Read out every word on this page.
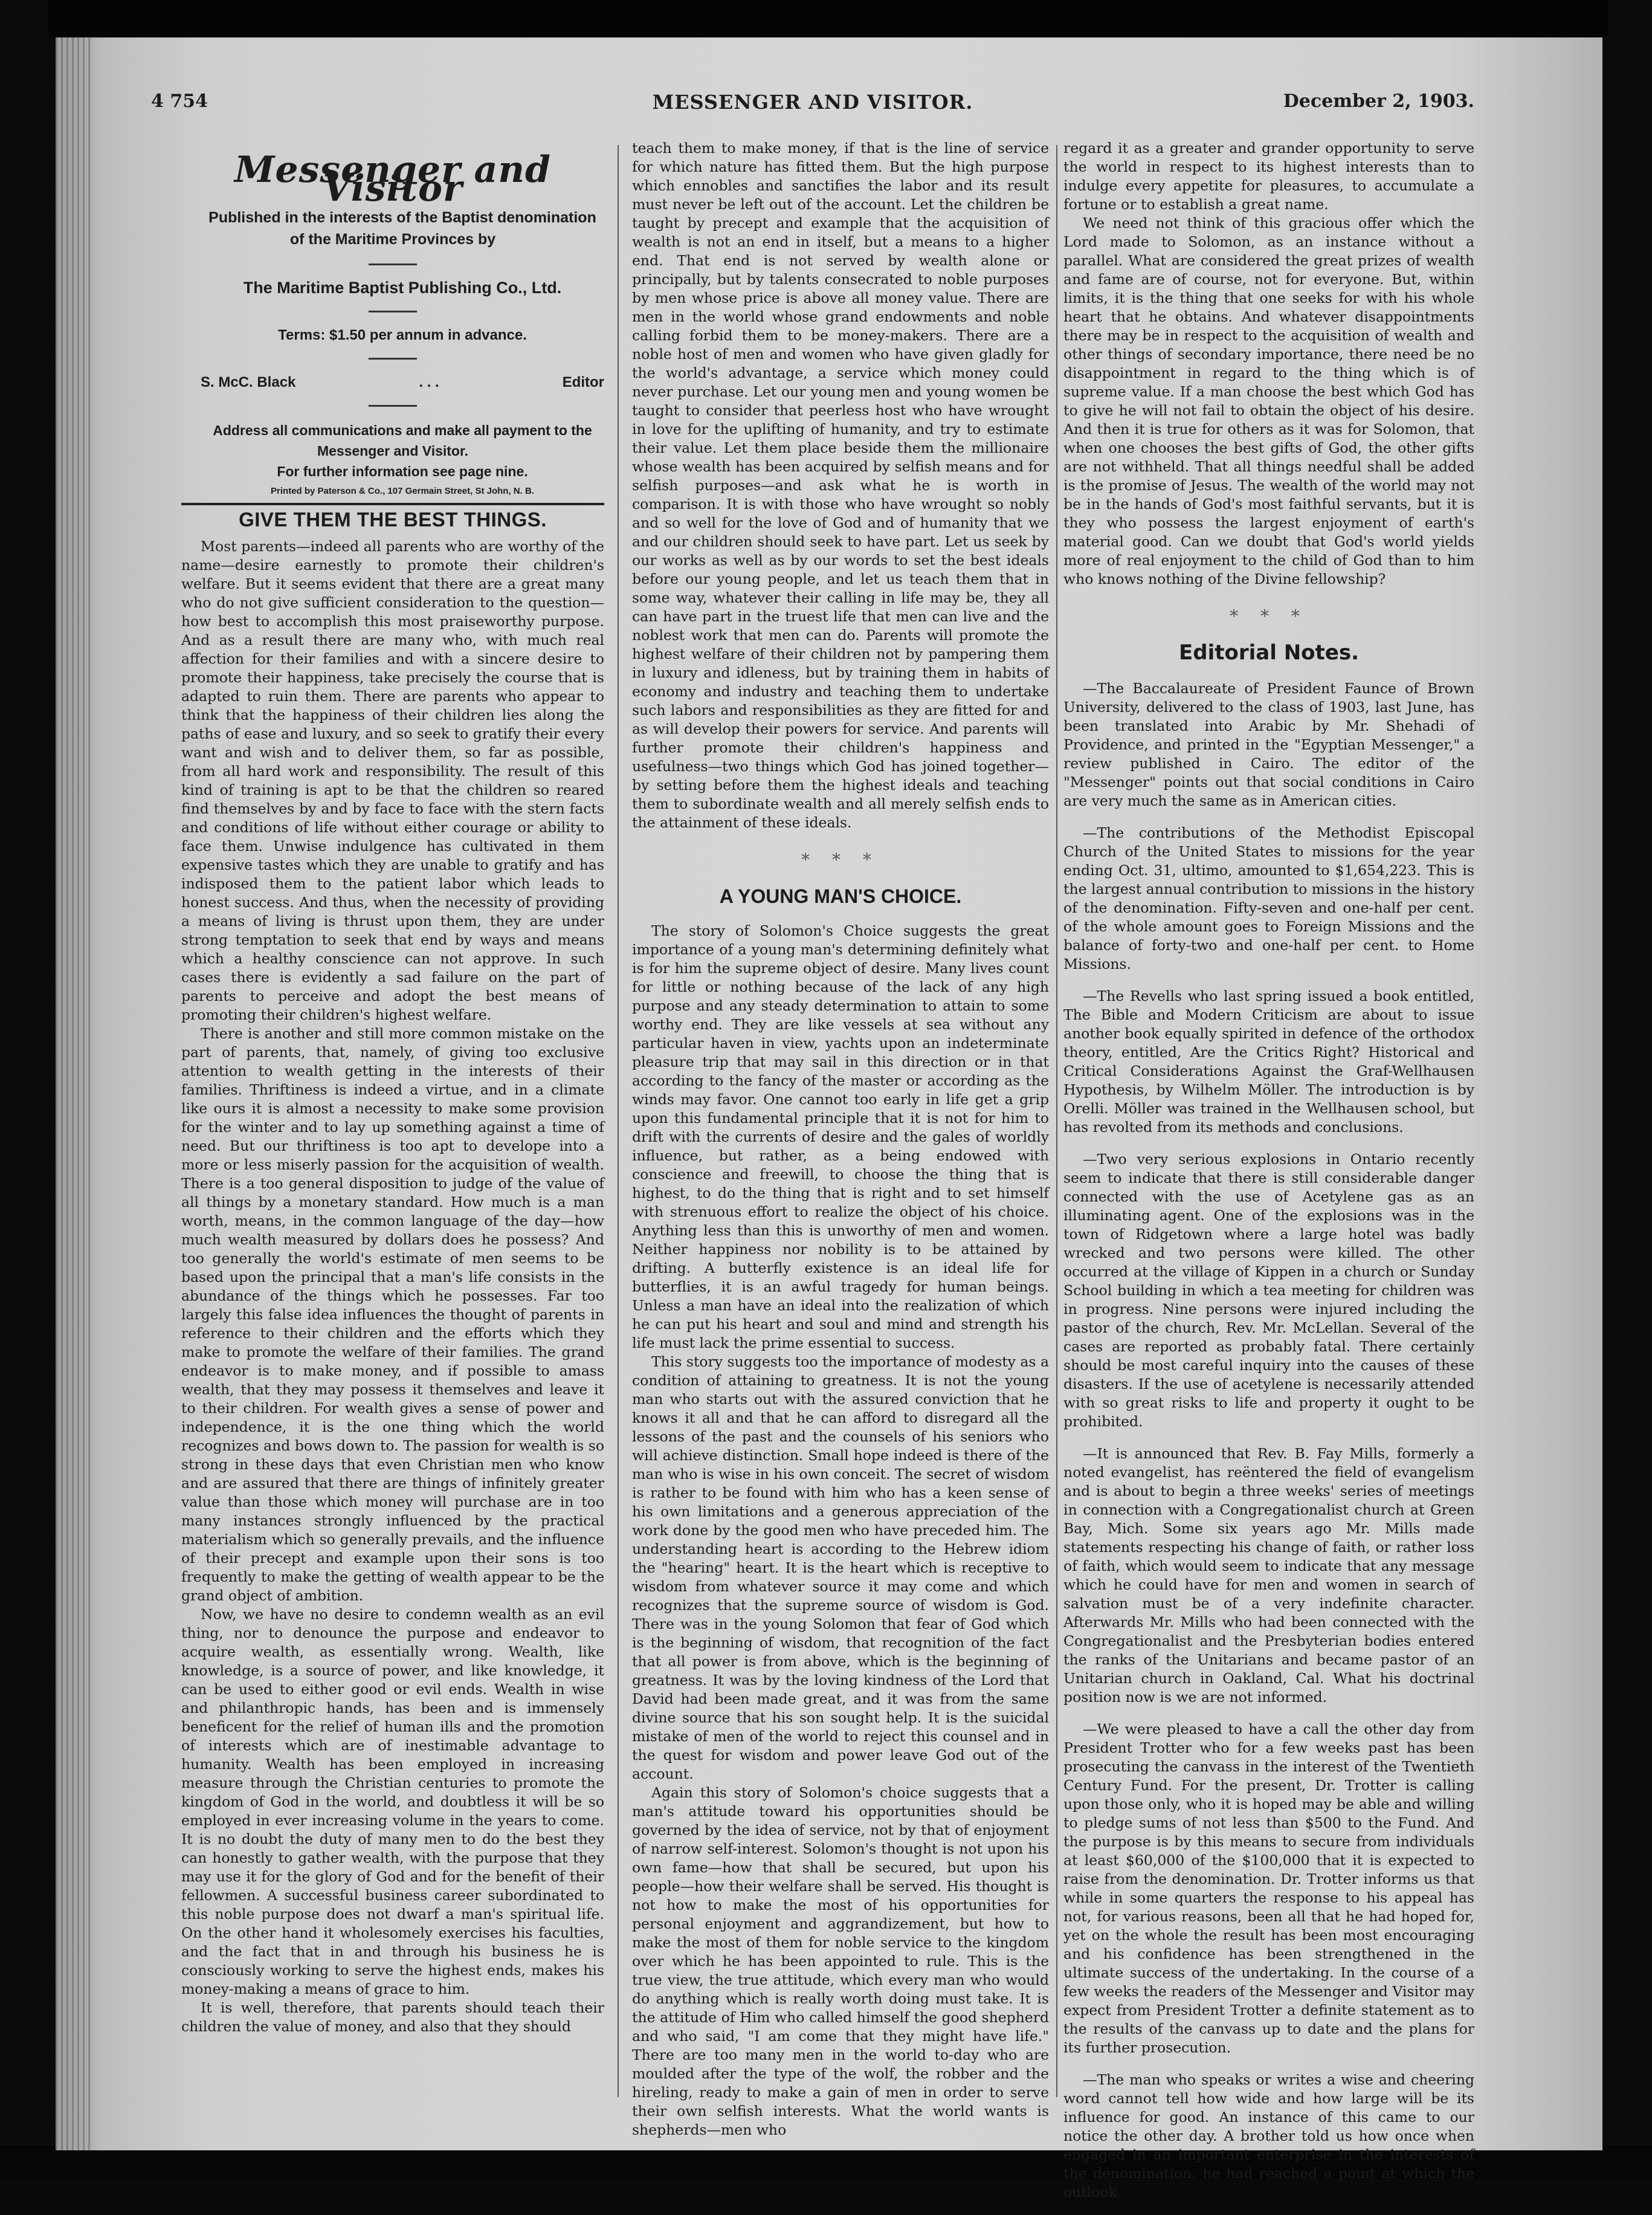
4 754	MESSENGER AND VISITOR.	December 2, 1903.
Messenger and Visitor

Published in the interests of the Baptist denomination of the Maritime Provinces by

The Maritime Baptist Publishing Co., Ltd.

Terms: $1.50 per annum in advance.

S. McC. Black	. . .	Editor

Address all communications and make all payment to the Messenger and Visitor.

For further information see page nine.

Printed by Paterson & Co., 107 Germain Street, St John, N. B.

GIVE THEM THE BEST THINGS.

Most parents—indeed all parents who are worthy of the name—desire earnestly to promote their children's welfare. But it seems evident that there are a great many who do not give sufficient consideration to the question—how best to accomplish this most praiseworthy purpose. And as a result there are many who, with much real affection for their families and with a sincere desire to promote their happiness, take precisely the course that is adapted to ruin them. There are parents who appear to think that the happiness of their children lies along the paths of ease and luxury, and so seek to gratify their every want and wish and to deliver them, so far as possible, from all hard work and responsibility. The result of this kind of training is apt to be that the children so reared find themselves by and by face to face with the stern facts and conditions of life without either courage or ability to face them. Unwise indulgence has cultivated in them expensive tastes which they are unable to gratify and has indisposed them to the patient labor which leads to honest success. And thus, when the necessity of providing a means of living is thrust upon them, they are under strong temptation to seek that end by ways and means which a healthy conscience can not approve. In such cases there is evidently a sad failure on the part of parents to perceive and adopt the best means of promoting their children's highest welfare.

There is another and still more common mistake on the part of parents, that, namely, of giving too exclusive attention to wealth getting in the interests of their families. Thriftiness is indeed a virtue, and in a climate like ours it is almost a necessity to make some provision for the winter and to lay up something against a time of need. But our thriftiness is too apt to develope into a more or less miserly passion for the acquisition of wealth. There is a too general disposition to judge of the value of all things by a monetary standard. How much is a man worth, means, in the common language of the day—how much wealth measured by dollars does he possess? And too generally the world's estimate of men seems to be based upon the principal that a man's life consists in the abundance of the things which he possesses. Far too largely this false idea influences the thought of parents in reference to their children and the efforts which they make to promote the welfare of their families. The grand endeavor is to make money, and if possible to amass wealth, that they may possess it themselves and leave it to their children. For wealth gives a sense of power and independence, it is the one thing which the world recognizes and bows down to. The passion for wealth is so strong in these days that even Christian men who know and are assured that there are things of infinitely greater value than those which money will purchase are in too many instances strongly influenced by the practical materialism which so generally prevails, and the influence of their precept and example upon their sons is too frequently to make the getting of wealth appear to be the grand object of ambition.

Now, we have no desire to condemn wealth as an evil thing, nor to denounce the purpose and endeavor to acquire wealth, as essentially wrong. Wealth, like knowledge, is a source of power, and like knowledge, it can be used to either good or evil ends. Wealth in wise and philanthropic hands, has been and is immensely beneficent for the relief of human ills and the promotion of interests which are of inestimable advantage to humanity. Wealth has been employed in increasing measure through the Christian centuries to promote the kingdom of God in the world, and doubtless it will be so employed in ever increasing volume in the years to come. It is no doubt the duty of many men to do the best they can honestly to gather wealth, with the purpose that they may use it for the glory of God and for the benefit of their fellowmen. A successful business career subordinated to this noble purpose does not dwarf a man's spiritual life. On the other hand it wholesomely exercises his faculties, and the fact that in and through his business he is consciously working to serve the highest ends, makes his money-making a means of grace to him.

It is well, therefore, that parents should teach their children the value of money, and also that they should

teach them to make money, if that is the line of service for which nature has fitted them. But the high purpose which ennobles and sanctifies the labor and its result must never be left out of the account. Let the children be taught by precept and example that the acquisition of wealth is not an end in itself, but a means to a higher end. That end is not served by wealth alone or principally, but by talents consecrated to noble purposes by men whose price is above all money value. There are men in the world whose grand endowments and noble calling forbid them to be money-makers. There are a noble host of men and women who have given gladly for the world's advantage, a service which money could never purchase. Let our young men and young women be taught to consider that peerless host who have wrought in love for the uplifting of humanity, and try to estimate their value. Let them place beside them the millionaire whose wealth has been acquired by selfish means and for selfish purposes—and ask what he is worth in comparison. It is with those who have wrought so nobly and so well for the love of God and of humanity that we and our children should seek to have part. Let us seek by our works as well as by our words to set the best ideals before our young people, and let us teach them that in some way, whatever their calling in life may be, they all can have part in the truest life that men can live and the noblest work that men can do. Parents will promote the highest welfare of their children not by pampering them in luxury and idleness, but by training them in habits of economy and industry and teaching them to undertake such labors and responsibilities as they are fitted for and as will develop their powers for service. And parents will further promote their children's happiness and usefulness—two things which God has joined together—by setting before them the highest ideals and teaching them to subordinate wealth and all merely selfish ends to the attainment of these ideals.

* * *
A YOUNG MAN'S CHOICE.

The story of Solomon's Choice suggests the great importance of a young man's determining definitely what is for him the supreme object of desire. Many lives count for little or nothing because of the lack of any high purpose and any steady determination to attain to some worthy end. They are like vessels at sea without any particular haven in view, yachts upon an indeterminate pleasure trip that may sail in this direction or in that according to the fancy of the master or according as the winds may favor. One cannot too early in life get a grip upon this fundamental principle that it is not for him to drift with the currents of desire and the gales of worldly influence, but rather, as a being endowed with conscience and freewill, to choose the thing that is highest, to do the thing that is right and to set himself with strenuous effort to realize the object of his choice. Anything less than this is unworthy of men and women. Neither happiness nor nobility is to be attained by drifting. A butterfly existence is an ideal life for butterflies, it is an awful tragedy for human beings. Unless a man have an ideal into the realization of which he can put his heart and soul and mind and strength his life must lack the prime essential to success.

This story suggests too the importance of modesty as a condition of attaining to greatness. It is not the young man who starts out with the assured conviction that he knows it all and that he can afford to disregard all the lessons of the past and the counsels of his seniors who will achieve distinction. Small hope indeed is there of the man who is wise in his own conceit. The secret of wisdom is rather to be found with him who has a keen sense of his own limitations and a generous appreciation of the work done by the good men who have preceded him. The understanding heart is according to the Hebrew idiom the "hearing" heart. It is the heart which is receptive to wisdom from whatever source it may come and which recognizes that the supreme source of wisdom is God. There was in the young Solomon that fear of God which is the beginning of wisdom, that recognition of the fact that all power is from above, which is the beginning of greatness. It was by the loving kindness of the Lord that David had been made great, and it was from the same divine source that his son sought help. It is the suicidal mistake of men of the world to reject this counsel and in the quest for wisdom and power leave God out of the account.

Again this story of Solomon's choice suggests that a man's attitude toward his opportunities should be governed by the idea of service, not by that of enjoyment of narrow self-interest. Solomon's thought is not upon his own fame—how that shall be secured, but upon his people—how their welfare shall be served. His thought is not how to make the most of his opportunities for personal enjoyment and aggrandizement, but how to make the most of them for noble service to the kingdom over which he has been appointed to rule. This is the true view, the true attitude, which every man who would do anything which is really worth doing must take. It is the attitude of Him who called himself the good shepherd and who said, "I am come that they might have life." There are too many men in the world to-day who are moulded after the type of the wolf, the robber and the hireling, ready to make a gain of men in order to serve their own selfish interests. What the world wants is shepherds—men who

regard it as a greater and grander opportunity to serve the world in respect to its highest interests than to indulge every appetite for pleasures, to accumulate a fortune or to establish a great name.

We need not think of this gracious offer which the Lord made to Solomon, as an instance without a parallel. What are considered the great prizes of wealth and fame are of course, not for everyone. But, within limits, it is the thing that one seeks for with his whole heart that he obtains. And whatever disappointments there may be in respect to the acquisition of wealth and other things of secondary importance, there need be no disappointment in regard to the thing which is of supreme value. If a man choose the best which God has to give he will not fail to obtain the object of his desire. And then it is true for others as it was for Solomon, that when one chooses the best gifts of God, the other gifts are not withheld. That all things needful shall be added is the promise of Jesus. The wealth of the world may not be in the hands of God's most faithful servants, but it is they who possess the largest enjoyment of earth's material good. Can we doubt that God's world yields more of real enjoyment to the child of God than to him who knows nothing of the Divine fellowship?

* * *
Editorial Notes.

—The Baccalaureate of President Faunce of Brown University, delivered to the class of 1903, last June, has been translated into Arabic by Mr. Shehadi of Providence, and printed in the "Egyptian Messenger," a review published in Cairo. The editor of the "Messenger" points out that social conditions in Cairo are very much the same as in American cities.

—The contributions of the Methodist Episcopal Church of the United States to missions for the year ending Oct. 31, ultimo, amounted to $1,654,223. This is the largest annual contribution to missions in the history of the denomination. Fifty-seven and one-half per cent. of the whole amount goes to Foreign Missions and the balance of forty-two and one-half per cent. to Home Missions.

—The Revells who last spring issued a book entitled, The Bible and Modern Criticism are about to issue another book equally spirited in defence of the orthodox theory, entitled, Are the Critics Right? Historical and Critical Considerations Against the Graf-Wellhausen Hypothesis, by Wilhelm Möller. The introduction is by Orelli. Möller was trained in the Wellhausen school, but has revolted from its methods and conclusions.

—Two very serious explosions in Ontario recently seem to indicate that there is still considerable danger connected with the use of Acetylene gas as an illuminating agent. One of the explosions was in the town of Ridgetown where a large hotel was badly wrecked and two persons were killed. The other occurred at the village of Kippen in a church or Sunday School building in which a tea meeting for children was in progress. Nine persons were injured including the pastor of the church, Rev. Mr. McLellan. Several of the cases are reported as probably fatal. There certainly should be most careful inquiry into the causes of these disasters. If the use of acetylene is necessarily attended with so great risks to life and property it ought to be prohibited.

—It is announced that Rev. B. Fay Mills, formerly a noted evangelist, has reëntered the field of evangelism and is about to begin a three weeks' series of meetings in connection with a Congregationalist church at Green Bay, Mich. Some six years ago Mr. Mills made statements respecting his change of faith, or rather loss of faith, which would seem to indicate that any message which he could have for men and women in search of salvation must be of a very indefinite character. Afterwards Mr. Mills who had been connected with the Congregationalist and the Presbyterian bodies entered the ranks of the Unitarians and became pastor of an Unitarian church in Oakland, Cal. What his doctrinal position now is we are not informed.

—We were pleased to have a call the other day from President Trotter who for a few weeks past has been prosecuting the canvass in the interest of the Twentieth Century Fund. For the present, Dr. Trotter is calling upon those only, who it is hoped may be able and willing to pledge sums of not less than $500 to the Fund. And the purpose is by this means to secure from individuals at least $60,000 of the $100,000 that it is expected to raise from the denomination. Dr. Trotter informs us that while in some quarters the response to his appeal has not, for various reasons, been all that he had hoped for, yet on the whole the result has been most encouraging and his confidence has been strengthened in the ultimate success of the undertaking. In the course of a few weeks the readers of the Messenger and Visitor may expect from President Trotter a definite statement as to the results of the canvass up to date and the plans for its further prosecution.

—The man who speaks or writes a wise and cheering word cannot tell how wide and how large will be its influence for good. An instance of this came to our notice the other day. A brother told us how once when engaged in an important enterprise in the interests of the denomination, he had reached a point at which the outlook
